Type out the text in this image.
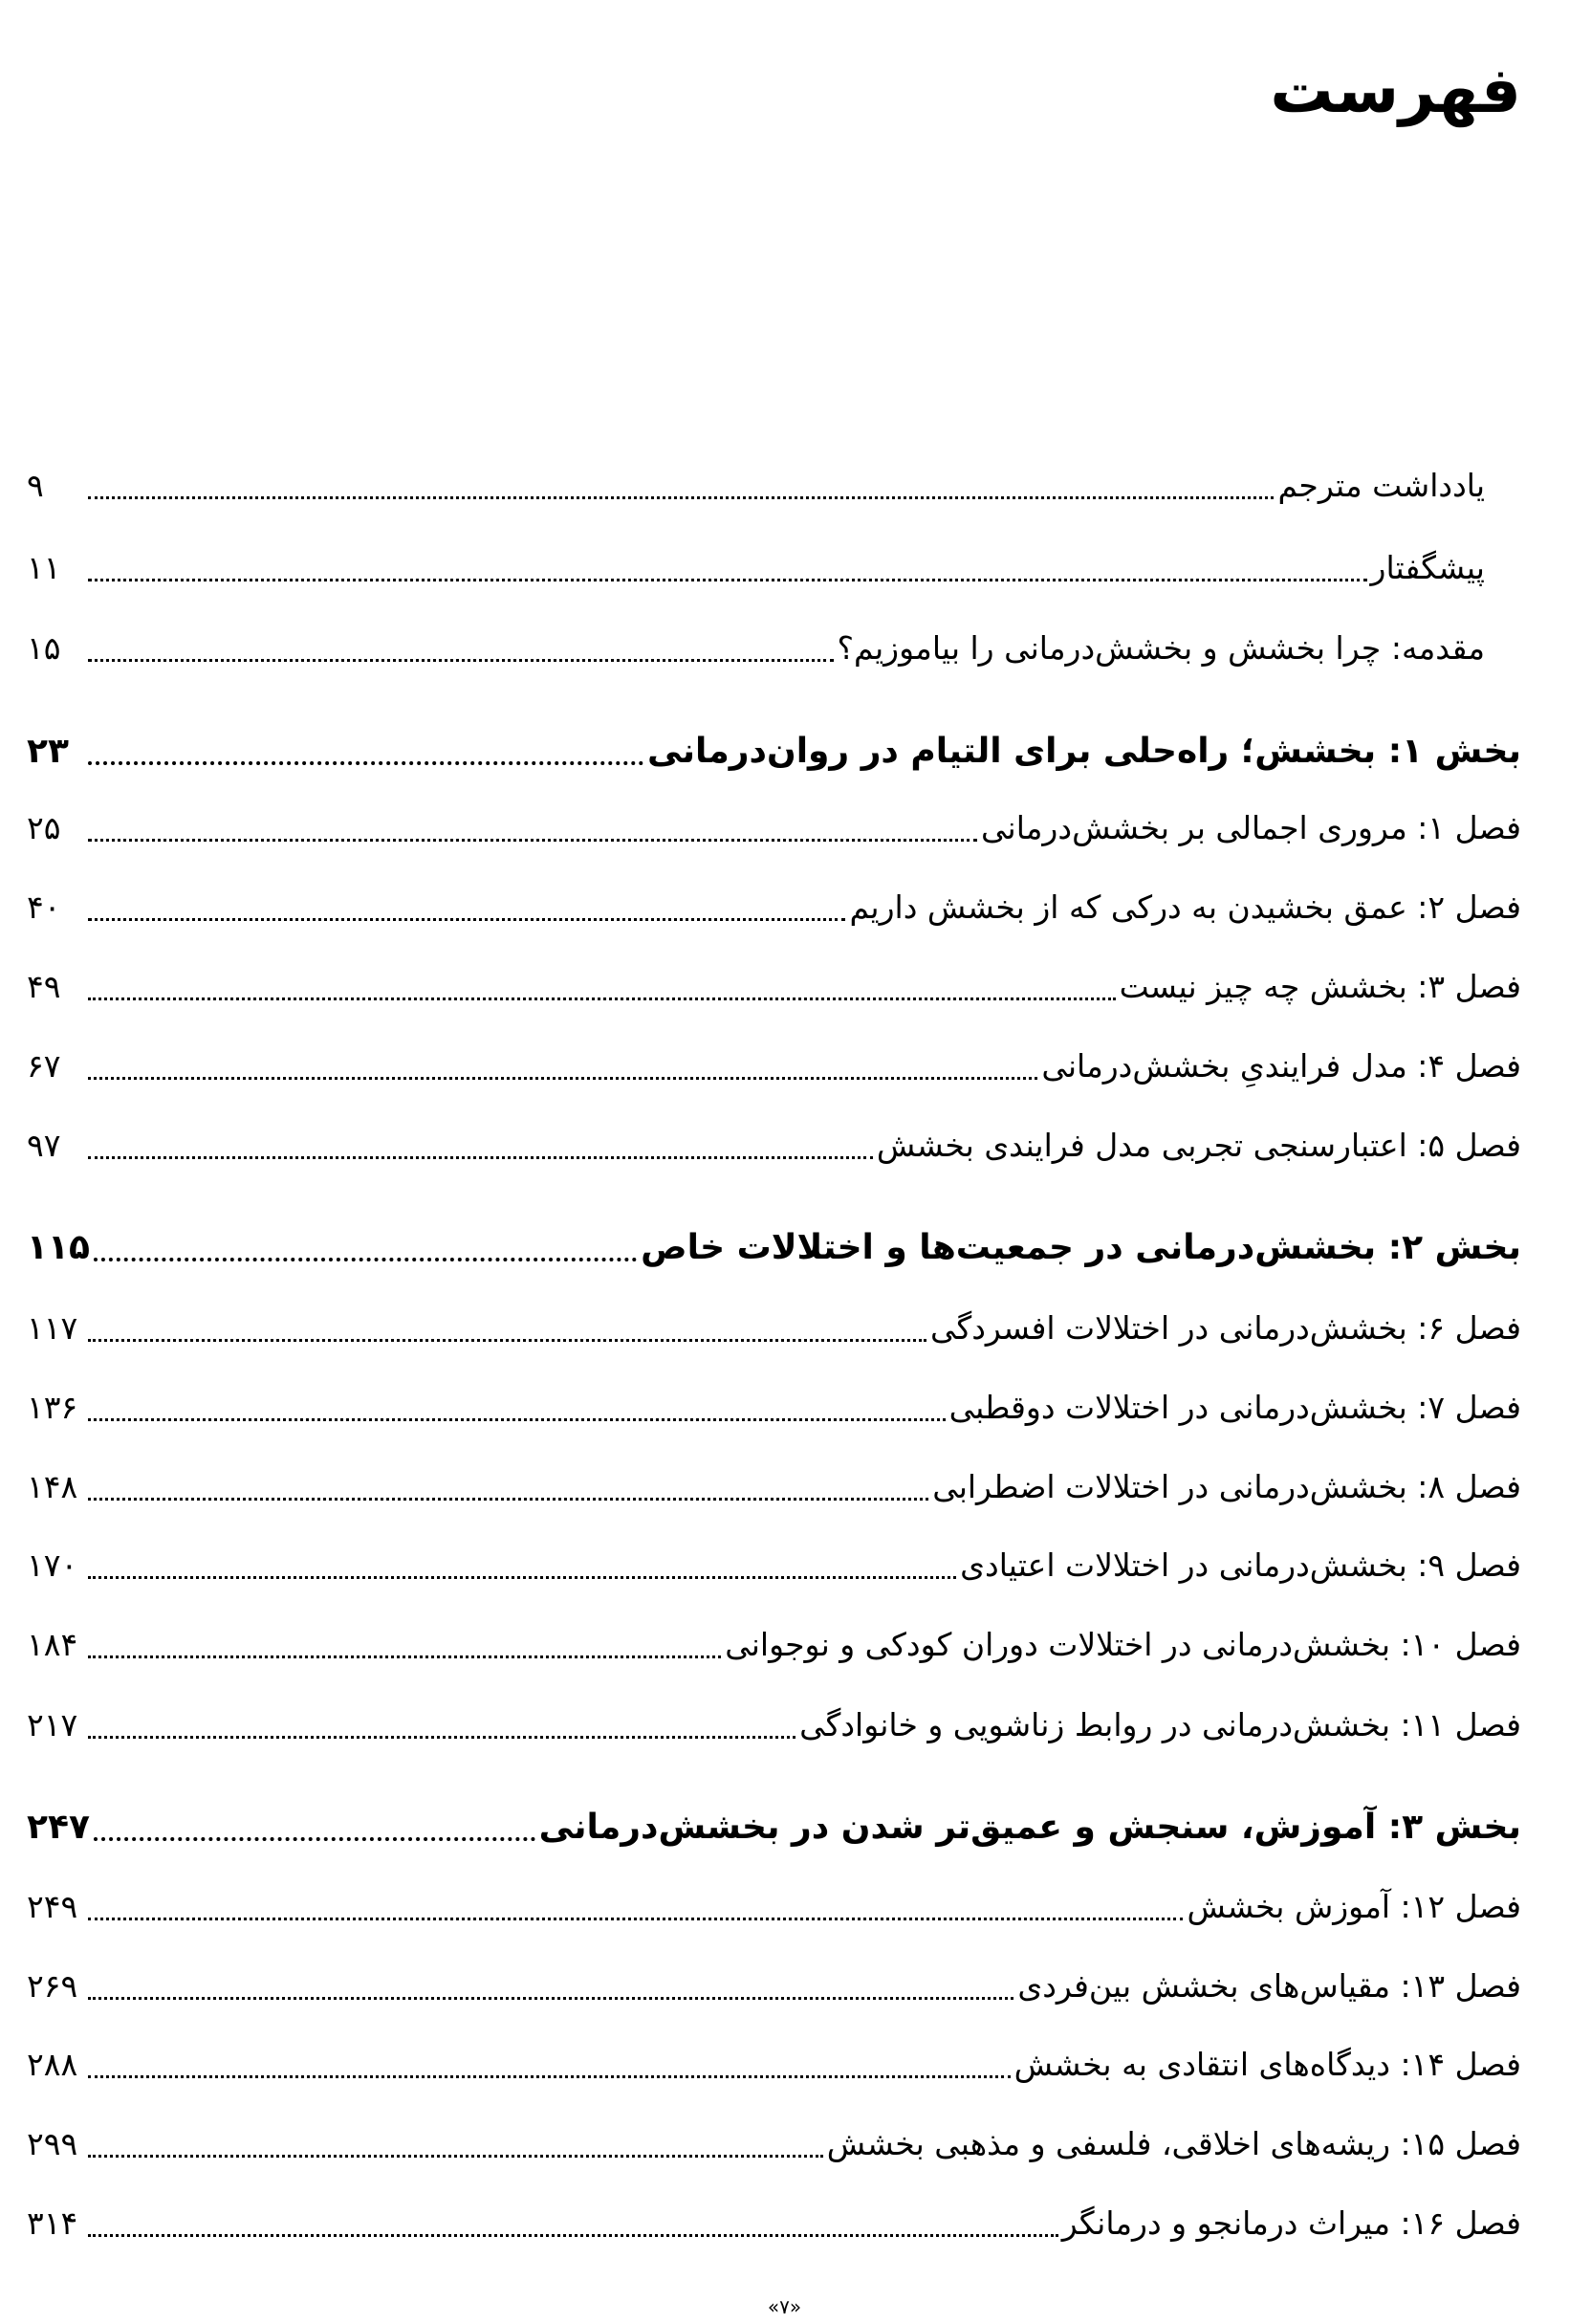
فهرست
یادداشت مترجم
۹
پیشگفتار
۱۱
مقدمه: چرا بخشش و بخشش‌درمانی را بیاموزیم؟
۱۵
بخش ۱: بخشش؛ راه‌حلی برای التیام در روان‌درمانی
۲۳
فصل ۱: مروری اجمالی بر بخشش‌درمانی
۲۵
فصل ۲: عمق بخشیدن به درکی که از بخشش داریم
۴۰
فصل ۳: بخشش چه چیز نیست
۴۹
فصل ۴: مدل فرایندیِ بخشش‌درمانی
۶۷
فصل ۵: اعتبارسنجی تجربی مدل فرایندی بخشش
۹۷
بخش ۲: بخشش‌درمانی در جمعیت‌ها و اختلالات خاص
۱۱۵
فصل ۶: بخشش‌درمانی در اختلالات افسردگی
۱۱۷
فصل ۷: بخشش‌درمانی در اختلالات دوقطبی
۱۳۶
فصل ۸: بخشش‌درمانی در اختلالات اضطرابی
۱۴۸
فصل ۹: بخشش‌درمانی در اختلالات اعتیادی
۱۷۰
فصل ۱۰: بخشش‌درمانی در اختلالات دوران کودکی و نوجوانی
۱۸۴
فصل ۱۱: بخشش‌درمانی در روابط زناشویی و خانوادگی
۲۱۷
بخش ۳: آموزش، سنجش و عمیق‌تر شدن در بخشش‌درمانی
۲۴۷
فصل ۱۲: آموزش بخشش
۲۴۹
فصل ۱۳: مقیاس‌های بخشش بین‌فردی
۲۶۹
فصل ۱۴: دیدگاه‌های انتقادی به بخشش
۲۸۸
فصل ۱۵: ریشه‌های اخلاقی، فلسفی و مذهبی بخشش
۲۹۹
فصل ۱۶: میراث درمانجو و درمانگر
۳۱۴
«۷»
